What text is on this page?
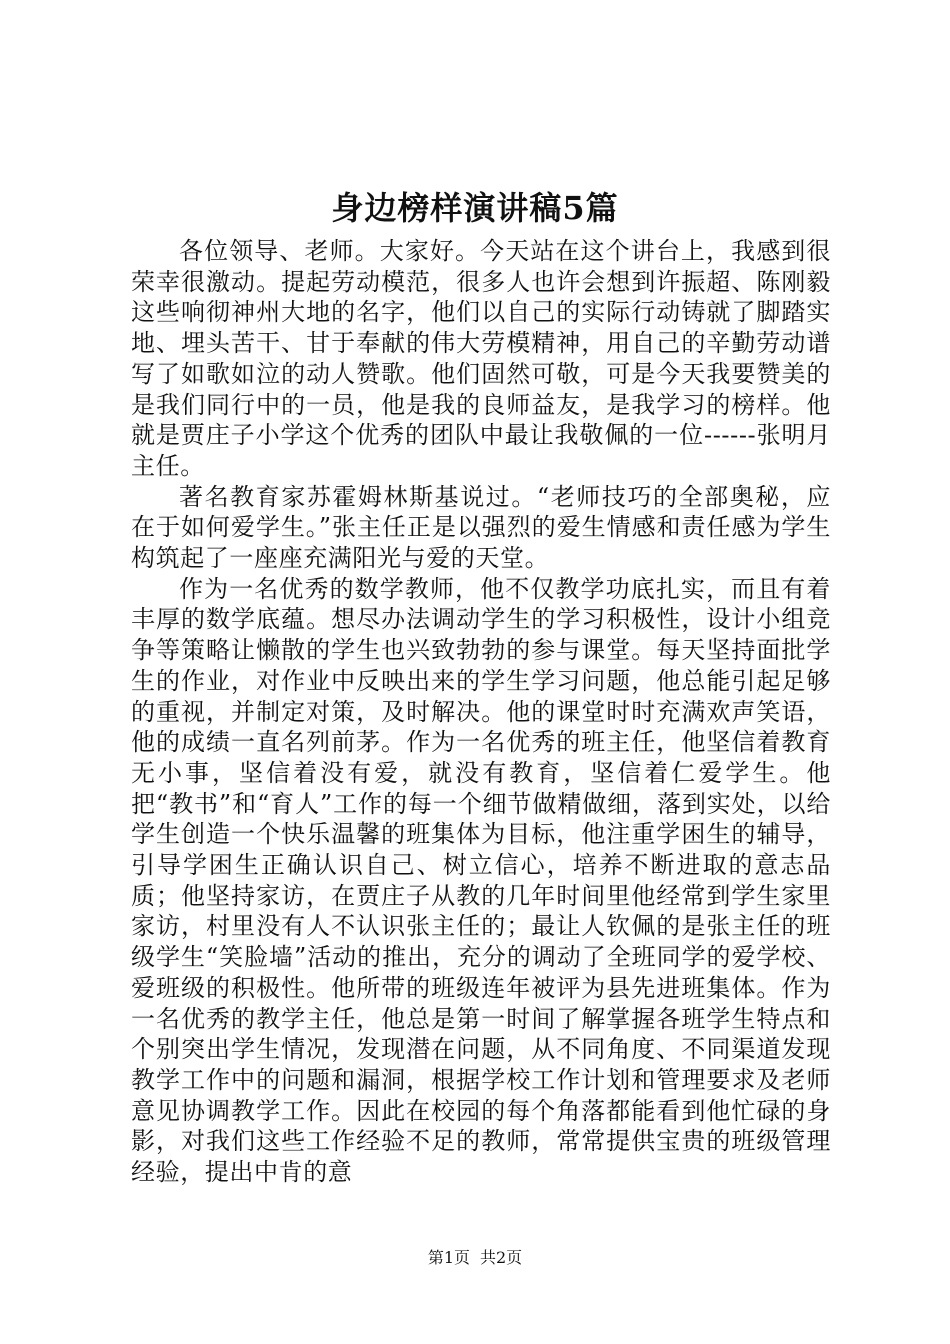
身边榜样演讲稿5篇

各位领导、老师。大家好。今天站在这个讲台上，我感到很荣幸很激动。提起劳动模范，很多人也许会想到许振超、陈刚毅这些响彻神州大地的名字，他们以自己的实际行动铸就了脚踏实地、埋头苦干、甘于奉献的伟大劳模精神，用自己的辛勤劳动谱写了如歌如泣的动人赞歌。他们固然可敬，可是今天我要赞美的是我们同行中的一员，他是我的良师益友，是我学习的榜样。他就是贾庄子小学这个优秀的团队中最让我敬佩的一位------张明月主任。

著名教育家苏霍姆林斯基说过。“老师技巧的全部奥秘，应在于如何爱学生。”张主任正是以强烈的爱生情感和责任感为学生构筑起了一座座充满阳光与爱的天堂。

作为一名优秀的数学教师，他不仅教学功底扎实，而且有着丰厚的数学底蕴。想尽办法调动学生的学习积极性，设计小组竞争等策略让懒散的学生也兴致勃勃的参与课堂。每天坚持面批学生的作业，对作业中反映出来的学生学习问题，他总能引起足够的重视，并制定对策，及时解决。他的课堂时时充满欢声笑语，他的成绩一直名列前茅。作为一名优秀的班主任，他坚信着教育无小事，坚信着没有爱，就没有教育，坚信着仁爱学生。他把“教书”和“育人”工作的每一个细节做精做细，落到实处，以给学生创造一个快乐温馨的班集体为目标，他注重学困生的辅导，引导学困生正确认识自己、树立信心，培养不断进取的意志品质；他坚持家访，在贾庄子从教的几年时间里他经常到学生家里家访，村里没有人不认识张主任的；最让人钦佩的是张主任的班级学生“笑脸墙”活动的推出，充分的调动了全班同学的爱学校、爱班级的积极性。他所带的班级连年被评为县先进班集体。作为一名优秀的教学主任，他总是第一时间了解掌握各班学生特点和个别突出学生情况，发现潜在问题，从不同角度、不同渠道发现教学工作中的问题和漏洞，根据学校工作计划和管理要求及老师意见协调教学工作。因此在校园的每个角落都能看到他忙碌的身影，对我们这些工作经验不足的教师，常常提供宝贵的班级管理经验，提出中肯的意

第1页 共2页
